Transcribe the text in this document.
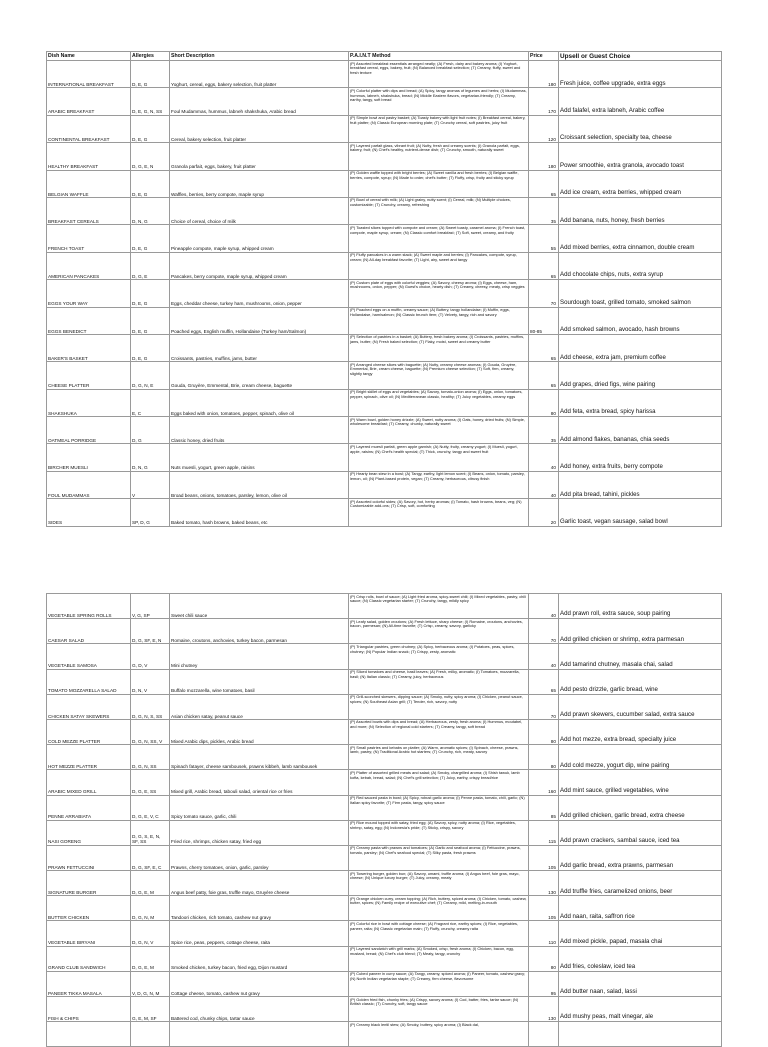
Dish Name	Allergies	Short Description	P.A.I.N.T Method	Price	Upsell or Guest Choice
INTERNATIONAL BREAKFAST	D, E, G	Yoghurt, cereal, eggs, bakery selection, fruit platter	(P) Assorted breakfast essentials arranged neatly; (A) Fresh, dairy and bakery aroma; (I) Yoghurt, breakfast cereal, eggs, bakery, fruit; (N) Balanced breakfast selection; (T) Creamy, fluffy, sweet and fresh texture	180	Fresh juice, coffee upgrade, extra eggs
ARABIC BREAKFAST	D, E, G, N, SS	Foul Mudammas, hummus, labneh shakshuka, Arabic bread	(P) Colorful platter with dips and bread; (A) Spicy, tangy aromas of legumes and herbs; (I) Mudammas, hummus, labneh, shakshuka, bread; (N) Middle Eastern flavors, vegetarian-friendly; (T) Creamy, earthy, tangy, soft bread	170	Add falafel, extra labneh, Arabic coffee
CONTINENTAL BREAKFAST	D, E, G	Cereal, bakery selection, fruit platter	(P) Simple bowl and pastry basket; (A) Toasty bakery with light fruit notes; (I) Breakfast cereal, bakery, fruit platter; (N) Classic European morning plate; (T) Crunchy cereal, soft pastries, juicy fruit	120	Croissant selection, specialty tea, cheese
HEALTHY BREAKFAST	D, G, E, N	Granola parfait, eggs, bakery, fruit platter	(P) Layered parfait glass, vibrant fruit; (A) Nutty, fresh and creamy scents; (I) Granola parfait, eggs, bakery, fruit; (N) Chef's healthy, nutrient-dense dish; (T) Crunchy, smooth, naturally sweet	180	Power smoothie, extra granola, avocado toast
BELGIAN WAFFLE	D, E, G	Waffles, berries, berry compote, maple syrup	(P) Golden waffle topped with bright berries; (A) Sweet vanilla and fresh berries; (I) Belgian waffle, berries, compote, syrup; (N) Made to order, chef's butter; (T) Fluffy, crisp, fruity and sticky syrup	65	Add ice cream, extra berries, whipped cream
BREAKFAST CEREALS	D, N, G	Choice of cereal, choice of milk	(P) Bowl of cereal with milk; (A) Light grainy, nutty scent; (I) Cereal, milk; (N) Multiple choices, customizable; (T) Crunchy, creamy, refreshing	35	Add banana, nuts, honey, fresh berries
FRENCH TOAST	D, E, G	Pineapple compote, maple syrup, whipped cream	(P) Toasted slices topped with compote and cream; (A) Sweet toasty, caramel aroma; (I) French toast, compote, maple syrup, cream; (N) Classic comfort breakfast; (T) Soft, sweet, creamy, and fruity	55	Add mixed berries, extra cinnamon, double cream
AMERICAN PANCAKES	D, G, E	Pancakes, berry compote, maple syrup, whipped cream	(P) Fluffy pancakes in a warm stack; (A) Sweet maple and berries; (I) Pancakes, compote, syrup, cream; (N) All-day breakfast favorite; (T) Light, airy, sweet and tangy	65	Add chocolate chips, nuts, extra syrup
EGGS YOUR WAY	D, E, G	Eggs, cheddar cheese, turkey ham, mushrooms, onion, pepper	(P) Custom plate of eggs with colorful veggies; (A) Savory, cheesy aroma; (I) Eggs, cheese, ham, mushrooms, onion, pepper; (N) Guest's choice, hearty dish; (T) Creamy, cheesy, meaty, crisp veggies	70	Sourdough toast, grilled tomato, smoked salmon
EGGS BENEDICT	D, E, G	Poached eggs, English muffin, Hollandaise (Turkey ham/Salmon)	(P) Poached eggs on a muffin, creamy sauce; (A) Buttery, tangy hollandaise; (I) Muffin, eggs, Hollandaise, ham/salmon; (N) Classic brunch item; (T) Velvety, tangy, rich and savory	80-85	Add smoked salmon, avocado, hash browns
BAKER'S BASKET	D, E, G	Croissants, pastries, muffins, jams, butter	(P) Selection of pastries in a basket; (A) Buttery, fresh bakery aroma; (I) Croissants, pastries, muffins, jams, butter; (N) Fresh baked selection; (T) Flaky, moist, sweet and creamy butter	65	Add cheese, extra jam, premium coffee
CHEESE PLATTER	D, G, N, E	Gouda, Gruyère, Emmental, Brie, cream cheese, baguette	(P) Arranged cheese slices with baguette; (A) Nutty, creamy cheese aromas; (I) Gouda, Gruyère, Emmental, Brie, cream cheese, baguette; (N) Premium cheese selection; (T) Soft, firm, creamy, slightly tangy	65	Add grapes, dried figs, wine pairing
SHAKSHUKA	E, C	Eggs baked with onion, tomatoes, pepper, spinach, olive oil	(P) Bright skillet of eggs and vegetables; (A) Savory, tomato-onion aroma; (I) Eggs, onion, tomatoes, pepper, spinach, olive oil; (N) Mediterranean classic, healthy; (T) Juicy vegetables, creamy eggs	80	Add feta, extra bread, spicy harissa
OATMEAL PORRIDGE	D, G	Classic honey, dried fruits	(P) Warm bowl, golden honey drizzle; (A) Sweet, nutty aroma; (I) Oats, honey, dried fruits; (N) Simple, wholesome breakfast; (T) Creamy, chunky, naturally sweet	35	Add almond flakes, bananas, chia seeds
BIRCHER MUESLI	D, N, G	Nuts muesli, yogurt, green apple, raisins	(P) Layered muesli parfait, green apple garnish; (A) Nutty, fruity, creamy yogurt; (I) Muesli, yogurt, apple, raisins; (N) Chef's health special; (T) Thick, crunchy, tangy and sweet fruit	40	Add honey, extra fruits, berry compote
FOUL MUDAMMAS	V	Broad beans, onions, tomatoes, parsley, lemon, olive oil	(P) Hearty bean stew in a bowl; (A) Tangy, earthy, light lemon scent; (I) Beans, onion, tomato, parsley, lemon, oil; (N) Plant-based protein, vegan; (T) Creamy, herbaceous, citrusy finish	40	Add pita bread, tahini, pickles
SIDES	SP, D, G	Baked tomato, hash browns, baked beans, etc	(P) Assorted colorful sides; (A) Savory, hot, herby aromas; (I) Tomato, hash browns, beans, veg; (N) Customizable add-ons; (T) Crisp, soft, comforting	20	Garlic toast, vegan sausage, salad bowl
VEGETABLE SPRING ROLLS	V, G, SP	Sweet chili sauce	(P) Crisp rolls, bowl of sauce; (A) Light fried aroma, spicy-sweet chili; (I) Mixed vegetables, pastry, chili sauce; (N) Classic vegetarian starter; (T) Crunchy, tangy, mildly spicy	40	Add prawn roll, extra sauce, soup pairing
CAESAR SALAD	D, G, SF, E, N	Romaine, croutons, anchovies, turkey bacon, parmesan	(P) Leafy salad, golden croutons; (A) Fresh lettuce, sharp cheese; (I) Romaine, croutons, anchovies, bacon, parmesan; (N) All-time favorite; (T) Crisp, creamy, savory, garlicky	70	Add grilled chicken or shrimp, extra parmesan
VEGETABLE SAMOSA	G, D, V	Mini chutney	(P) Triangular pastries, green chutney; (A) Spicy, herbaceous aroma; (I) Potatoes, peas, spices, chutney; (N) Popular Indian snack; (T) Crispy, zesty, aromatic	40	Add tamarind chutney, masala chai, salad
TOMATO MOZZARELLA SALAD	D, N, V	Buffalo mozzarella, wine tomatoes, basil	(P) Sliced tomatoes and cheese, basil leaves; (A) Fresh, milky, aromatic; (I) Tomatoes, mozzarella, basil; (N) Italian classic; (T) Creamy, juicy, herbaceous	65	Add pesto drizzle, garlic bread, wine
CHICKEN SATAY SKEWERS	D, G, N, S, SS	Asian chicken satay, peanut sauce	(P) Grill-scorched skewers, dipping sauce; (A) Smoky, nutty, spicy aroma; (I) Chicken, peanut sauce, spices; (N) Southeast Asian grill; (T) Tender, rich, savory, nutty	70	Add prawn skewers, cucumber salad, extra sauce
COLD MEZZE PLATTER	D, G, N, SS, V	Mixed Arabic dips, pickles, Arabic bread	(P) Assorted bowls with dips and bread; (A) Herbaceous, zesty, fresh aroma; (I) Hummus, moutabel, and more; (N) Selection of regional cold starters; (T) Creamy, tangy, soft bread	80	Add hot mezze, extra bread, specialty juice
HOT MEZZE PLATTER	D, G, N, SS	Spinach fatayer, cheese sambousek, prawns kibbeh, lamb sambousek	(P) Small pastries and kebabs on platter; (A) Warm, aromatic spices; (I) Spinach, cheese, prawns, lamb, pastry; (N) Traditional Arabic hot starters; (T) Crunchy, rich, meaty, savory	80	Add cold mezze, yogurt dip, wine pairing
ARABIC MIXED GRILL	D, G, E, SS	Mixed grill, Arabic bread, tabouli salad, oriental rice or fries	(P) Platter of assorted grilled meats and salad; (A) Smoky, chargrilled aroma; (I) Shish tawuk, lamb kofta, kebab, bread, salad; (N) Chef's grill selection; (T) Juicy, earthy, crispy bread/rice	160	Add mint sauce, grilled vegetables, wine
PENNE ARRABIATA	D, G, E, V, C	Spicy tomato sauce, garlic, chili	(P) Red sauced pasta in bowl; (A) Spicy, robust garlic aroma; (I) Penne pasta, tomato, chili, garlic; (N) Italian spicy favorite; (T) Firm pasta, tangy, spicy sauce	85	Add grilled chicken, garlic bread, extra cheese
NASI GORENG	D, G, S, E, N, SF, SS	Fried rice, shrimps, chicken satay, fried egg	(P) Rice mound topped with satay, fried egg; (A) Savory, spicy, nutty aroma; (I) Rice, vegetables, shrimp, satay, egg; (N) Indonesia's pride; (T) Sticky, crispy, savory	115	Add prawn crackers, sambal sauce, iced tea
PRAWN FETTUCCINI	D, G, SF, E, C	Prawns, cherry tomatoes, onion, garlic, parsley	(P) Creamy pasta with prawns and tomatoes; (A) Garlic and seafood aroma; (I) Fettuccine, prawns, tomato, parsley; (N) Chef's seafood special; (T) Silky pasta, fresh prawns	105	Add garlic bread, extra prawns, parmesan
SIGNATURE BURGER	D, G, E, M	Angus beef patty, foie gras, truffle mayo, Gruyère cheese	(P) Towering burger, golden bun; (A) Savory, umami, truffle aroma; (I) Angus beef, foie gras, mayo, cheese; (N) Unique luxury burger; (T) Juicy, creamy, meaty	130	Add truffle fries, caramelized onions, beer
BUTTER CHICKEN	D, G, N, M	Tandoori chicken, rich tomato, cashew nut gravy	(P) Orange chicken curry, cream topping; (A) Rich, buttery, spiced aroma; (I) Chicken, tomato, cashew, butter, spices; (N) Family recipe of executive chef; (T) Creamy, mild, melting-in-mouth	105	Add naan, raita, saffron rice
VEGETABLE BIRYANI	D, G, N, V	Spice rice, peas, peppers, cottage cheese, raita	(P) Colorful rice in bowl with cottage cheese; (A) Fragrant rice, earthy spices; (I) Rice, vegetables, paneer, raita; (N) Classic vegetarian main; (T) Fluffy, crunchy, creamy raita	110	Add mixed pickle, papad, masala chai
GRAND CLUB SANDWICH	D, G, E, M	Smoked chicken, turkey bacon, fried egg, Dijon mustard	(P) Layered sandwich with grill marks; (A) Smoked, crisp, fresh aroma; (I) Chicken, bacon, egg, mustard, bread; (N) Chef's club blend; (T) Meaty, tangy, crunchy	80	Add fries, coleslaw, iced tea
PANEER TIKKA MASALA	V, D, G, N, M	Cottage cheese, tomato, cashew nut gravy	(P) Cubed paneer in curry sauce; (A) Tangy, creamy, spiced aroma; (I) Paneer, tomato, cashew gravy; (N) North Indian vegetarian staple; (T) Creamy, firm cheese, flavorsome	95	Add butter naan, salad, lassi
FISH & CHIPS	G, E, M, SF	Battered cod, chunky chips, tartar sauce	(P) Golden fried fish, chunky fries; (A) Crispy, savory aroma; (I) Cod, batter, fries, tartar sauce; (N) British classic; (T) Crunchy, soft, tangy sauce	130	Add mushy peas, malt vinegar, ale
			(P) Creamy black lentil stew; (A) Smoky, buttery, spicy aroma; (I) Black dal,		
